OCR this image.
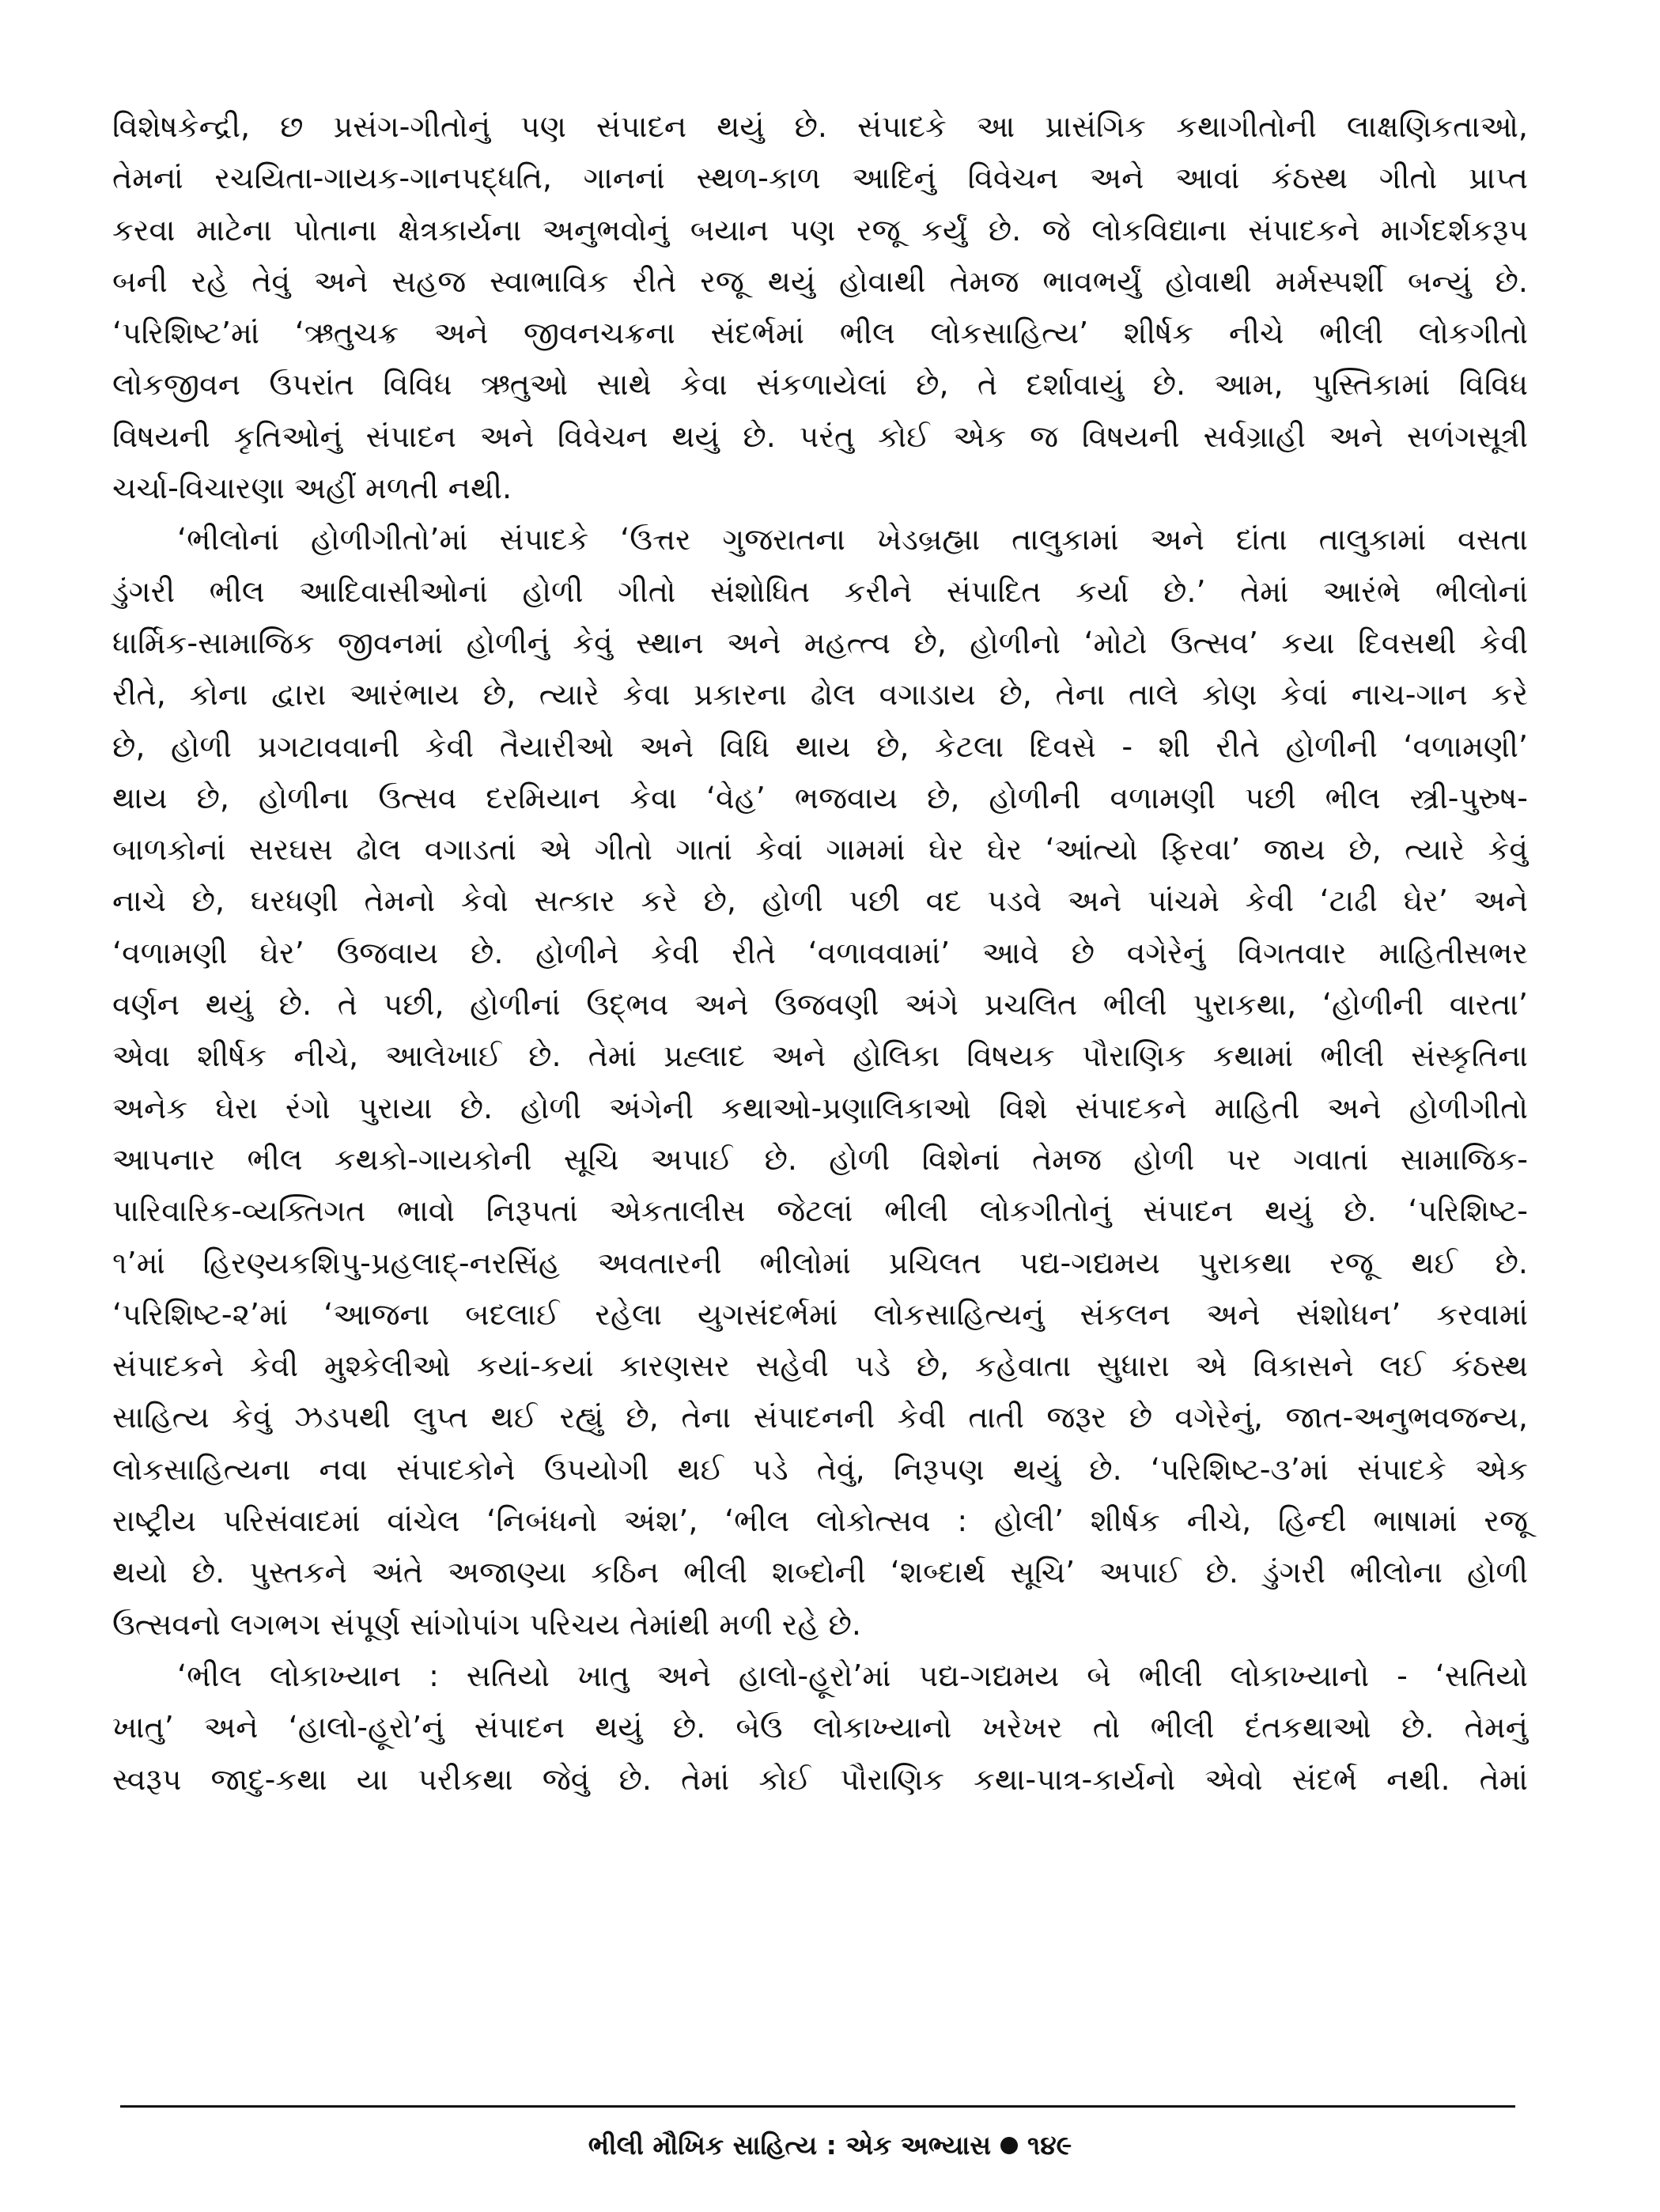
વિશેષકેન્દ્રી, છ પ્રસંગ-ગીતોનું પણ સંપાદન થયું છે. સંપાદકે આ પ્રાસંગિક કથાગીતોની લાક્ષણિકતાઓ,
તેમનાં રચયિતા-ગાયક-ગાનપદ્ધતિ, ગાનનાં સ્થળ-કાળ આદિનું વિવેચન અને આવાં કંઠસ્થ ગીતો પ્રાપ્ત
કરવા માટેના પોતાના ક્ષેત્રકાર્યના અનુભવોનું બયાન પણ રજૂ કર્યું છે. જે લોકવિદ્યાના સંપાદકને માર્ગદર્શકરૂપ
બની રહે તેવું અને સહજ સ્વાભાવિક રીતે રજૂ થયું હોવાથી તેમજ ભાવભર્યું હોવાથી મર્મસ્પર્શી બન્યું છે.
‘પરિશિષ્ટ’માં ‘ઋતુચક્ર અને જીવનચક્રના સંદર્ભમાં ભીલ લોકસાહિત્ય’ શીર્ષક નીચે ભીલી લોકગીતો
લોકજીવન ઉપરાંત વિવિધ ઋતુઓ સાથે કેવા સંકળાયેલાં છે, તે દર્શાવાયું છે. આમ, પુસ્તિકામાં વિવિધ
વિષયની કૃતિઓનું સંપાદન અને વિવેચન થયું છે. પરંતુ કોઈ એક જ વિષયની સર્વગ્રાહી અને સળંગસૂત્રી
ચર્ચા-વિચારણા અહીં મળતી નથી.
‘ભીલોનાં હોળીગીતો’માં સંપાદકે ‘ઉત્તર ગુજરાતના ખેડબ્રહ્મા તાલુકામાં અને દાંતા તાલુકામાં વસતા
ડુંગરી ભીલ આદિવાસીઓનાં હોળી ગીતો સંશોધિત કરીને સંપાદિત કર્યા છે.’ તેમાં આરંભે ભીલોનાં
ધાર્મિક-સામાજિક જીવનમાં હોળીનું કેવું સ્થાન અને મહત્ત્વ છે, હોળીનો ‘મોટો ઉત્સવ’ કયા દિવસથી કેવી
રીતે, કોના દ્વારા આરંભાય છે, ત્યારે કેવા પ્રકારના ઢોલ વગાડાય છે, તેના તાલે કોણ કેવાં નાચ-ગાન કરે
છે, હોળી પ્રગટાવવાની કેવી તૈયારીઓ અને વિધિ થાય છે, કેટલા દિવસે - શી રીતે હોળીની ‘વળામણી’
થાય છે, હોળીના ઉત્સવ દરમિયાન કેવા ‘વેહ’ ભજવાય છે, હોળીની વળામણી પછી ભીલ સ્ત્રી-પુરુષ-
બાળકોનાં સરઘસ ઢોલ વગાડતાં એ ગીતો ગાતાં કેવાં ગામમાં ઘેર ઘેર ‘આંત્યો ફિરવા’ જાય છે, ત્યારે કેવું
નાચે છે, ઘરધણી તેમનો કેવો સત્કાર કરે છે, હોળી પછી વદ પડવે અને પાંચમે કેવી ‘ટાઢી ઘેર’ અને
‘વળામણી ઘેર’ ઉજવાય છે. હોળીને કેવી રીતે ‘વળાવવામાં’ આવે છે વગેરેનું વિગતવાર માહિતીસભર
વર્ણન થયું છે. તે પછી, હોળીનાં ઉદ્ભવ અને ઉજવણી અંગે પ્રચલિત ભીલી પુરાકથા, ‘હોળીની વારતા’
એવા શીર્ષક નીચે, આલેખાઈ છે. તેમાં પ્રહ્લાદ અને હોલિકા વિષયક પૌરાણિક કથામાં ભીલી સંસ્કૃતિના
અનેક ઘેરા રંગો પુરાયા છે. હોળી અંગેની કથાઓ-પ્રણાલિકાઓ વિશે સંપાદકને માહિતી અને હોળીગીતો
આપનાર ભીલ કથકો-ગાયકોની સૂચિ અપાઈ છે. હોળી વિશેનાં તેમજ હોળી પર ગવાતાં સામાજિક-
પારિવારિક-વ્યક્તિગત ભાવો નિરૂપતાં એકતાલીસ જેટલાં ભીલી લોકગીતોનું સંપાદન થયું છે. ‘પરિશિષ્ટ-
૧’માં હિરણ્યકશિપુ-પ્રહલાદ્-નરસિંહ અવતારની ભીલોમાં પ્રચિલત પદ્ય-ગદ્યમય પુરાકથા રજૂ થઈ છે.
‘પરિશિષ્ટ-૨’માં ‘આજના બદલાઈ રહેલા યુગસંદર્ભમાં લોકસાહિત્યનું સંકલન અને સંશોધન’ કરવામાં
સંપાદકને કેવી મુશ્કેલીઓ કયાં-કયાં કારણસર સહેવી પડે છે, કહેવાતા સુધારા એ વિકાસને લઈ કંઠસ્થ
સાહિત્ય કેવું ઝડપથી લુપ્ત થઈ રહ્યું છે, તેના સંપાદનની કેવી તાતી જરૂર છે વગેરેનું, જાત-અનુભવજન્ય,
લોકસાહિત્યના નવા સંપાદકોને ઉપયોગી થઈ પડે તેવું, નિરૂપણ થયું છે. ‘પરિશિષ્ટ-૩’માં સંપાદકે એક
રાષ્ટ્રીય પરિસંવાદમાં વાંચેલ ‘નિબંધનો અંશ’, ‘ભીલ લોકોત્સવ : હોલી’ શીર્ષક નીચે, હિન્દી ભાષામાં રજૂ
થયો છે. પુસ્તકને અંતે અજાણ્યા કઠિન ભીલી શબ્દોની ‘શબ્દાર્થ સૂચિ’ અપાઈ છે. ડુંગરી ભીલોના હોળી
ઉત્સવનો લગભગ સંપૂર્ણ સાંગોપાંગ પરિચય તેમાંથી મળી રહે છે.
‘ભીલ લોકાખ્યાન : સતિયો ખાતુ અને હાલો-હૂરો’માં પદ્ય-ગદ્યમય બે ભીલી લોકાખ્યાનો - ‘સતિયો
ખાતુ’ અને ‘હાલો-હૂરો’નું સંપાદન થયું છે. બેઉ લોકાખ્યાનો ખરેખર તો ભીલી દંતકથાઓ છે. તેમનું
સ્વરૂપ જાદુ-કથા યા પરીકથા જેવું છે. તેમાં કોઈ પૌરાણિક કથા-પાત્ર-કાર્યનો એવો સંદર્ભ નથી. તેમાં
ભીલી મૌખિક સાહિત્ય : એક અભ્યાસ ૧૪૯
